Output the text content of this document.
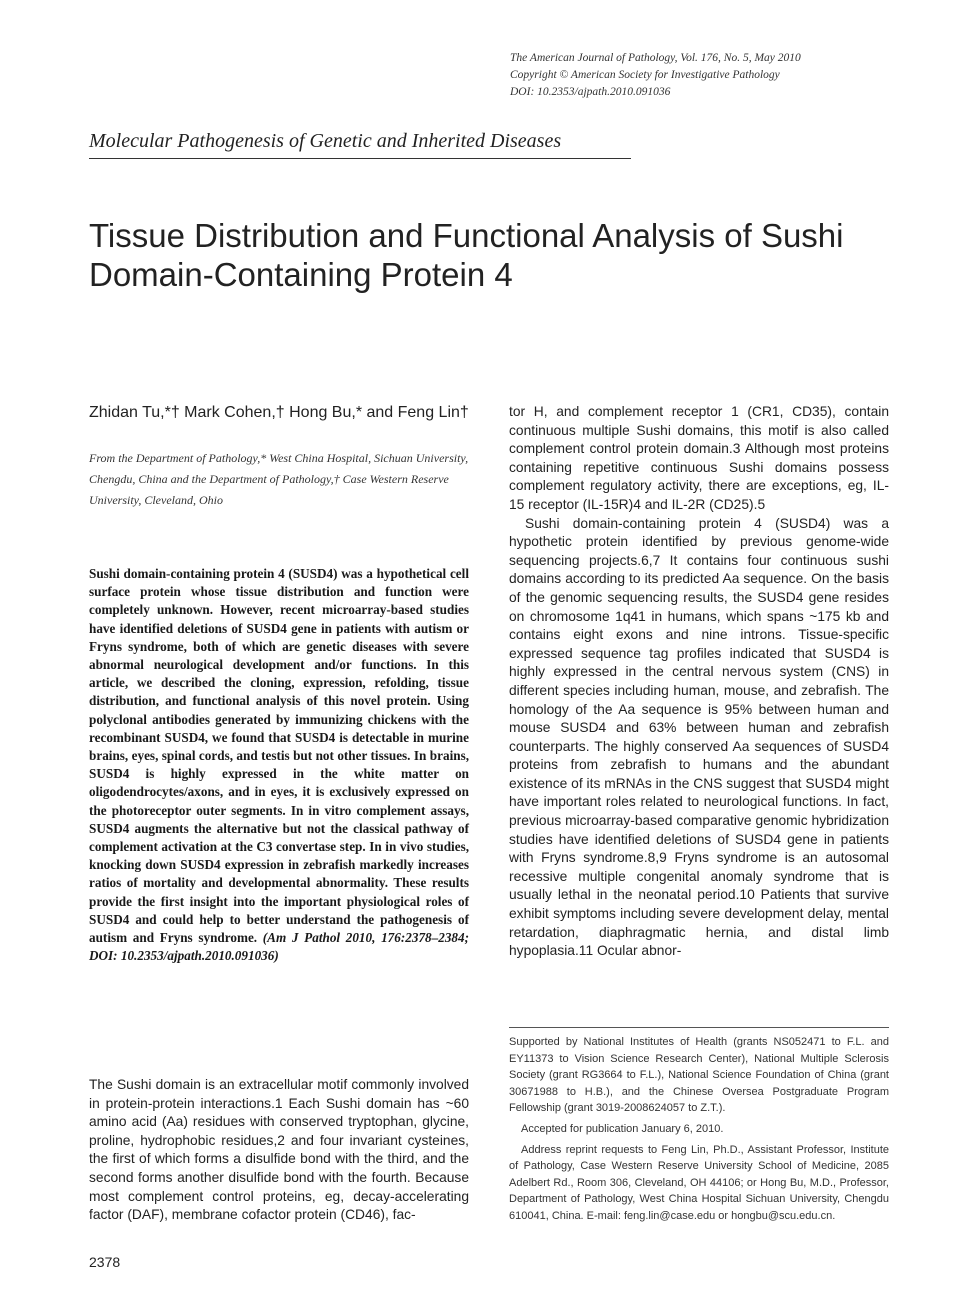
The American Journal of Pathology, Vol. 176, No. 5, May 2010
Copyright © American Society for Investigative Pathology
DOI: 10.2353/ajpath.2010.091036
Molecular Pathogenesis of Genetic and Inherited Diseases
Tissue Distribution and Functional Analysis of Sushi Domain-Containing Protein 4
Zhidan Tu,*† Mark Cohen,† Hong Bu,* and Feng Lin†
From the Department of Pathology,* West China Hospital, Sichuan University, Chengdu, China and the Department of Pathology,† Case Western Reserve University, Cleveland, Ohio
Sushi domain-containing protein 4 (SUSD4) was a hypothetical cell surface protein whose tissue distribution and function were completely unknown. However, recent microarray-based studies have identified deletions of SUSD4 gene in patients with autism or Fryns syndrome, both of which are genetic diseases with severe abnormal neurological development and/or functions. In this article, we described the cloning, expression, refolding, tissue distribution, and functional analysis of this novel protein. Using polyclonal antibodies generated by immunizing chickens with the recombinant SUSD4, we found that SUSD4 is detectable in murine brains, eyes, spinal cords, and testis but not other tissues. In brains, SUSD4 is highly expressed in the white matter on oligodendrocytes/axons, and in eyes, it is exclusively expressed on the photoreceptor outer segments. In in vitro complement assays, SUSD4 augments the alternative but not the classical pathway of complement activation at the C3 convertase step. In in vivo studies, knocking down SUSD4 expression in zebrafish markedly increases ratios of mortality and developmental abnormality. These results provide the first insight into the important physiological roles of SUSD4 and could help to better understand the pathogenesis of autism and Fryns syndrome. (Am J Pathol 2010, 176:2378–2384; DOI: 10.2353/ajpath.2010.091036)

The Sushi domain is an extracellular motif commonly involved in protein-protein interactions.1 Each Sushi domain has ~60 amino acid (Aa) residues with conserved tryptophan, glycine, proline, hydrophobic residues,2 and four invariant cysteines, the first of which forms a disulfide bond with the third, and the second forms another disulfide bond with the fourth. Because most complement control proteins, eg, decay-accelerating factor (DAF), membrane cofactor protein (CD46), fac-

tor H, and complement receptor 1 (CR1, CD35), contain continuous multiple Sushi domains, this motif is also called complement control protein domain.3 Although most proteins containing repetitive continuous Sushi domains possess complement regulatory activity, there are exceptions, eg, IL-15 receptor (IL-15R)4 and IL-2R (CD25).5

Sushi domain-containing protein 4 (SUSD4) was a hypothetic protein identified by previous genome-wide sequencing projects.6,7 It contains four continuous sushi domains according to its predicted Aa sequence. On the basis of the genomic sequencing results, the SUSD4 gene resides on chromosome 1q41 in humans, which spans ~175 kb and contains eight exons and nine introns. Tissue-specific expressed sequence tag profiles indicated that SUSD4 is highly expressed in the central nervous system (CNS) in different species including human, mouse, and zebrafish. The homology of the Aa sequence is 95% between human and mouse SUSD4 and 63% between human and zebrafish counterparts. The highly conserved Aa sequences of SUSD4 proteins from zebrafish to humans and the abundant existence of its mRNAs in the CNS suggest that SUSD4 might have important roles related to neurological functions. In fact, previous microarray-based comparative genomic hybridization studies have identified deletions of SUSD4 gene in patients with Fryns syndrome.8,9 Fryns syndrome is an autosomal recessive multiple congenital anomaly syndrome that is usually lethal in the neonatal period.10 Patients that survive exhibit symptoms including severe development delay, mental retardation, diaphragmatic hernia, and distal limb hypoplasia.11 Ocular abnor-

Supported by National Institutes of Health (grants NS052471 to F.L. and EY11373 to Vision Science Research Center), National Multiple Sclerosis Society (grant RG3664 to F.L.), National Science Foundation of China (grant 30671988 to H.B.), and the Chinese Oversea Postgraduate Program Fellowship (grant 3019-2008624057 to Z.T.).

Accepted for publication January 6, 2010.

Address reprint requests to Feng Lin, Ph.D., Assistant Professor, Institute of Pathology, Case Western Reserve University School of Medicine, 2085 Adelbert Rd., Room 306, Cleveland, OH 44106; or Hong Bu, M.D., Professor, Department of Pathology, West China Hospital Sichuan University, Chengdu 610041, China. E-mail: feng.lin@case.edu or hongbu@scu.edu.cn.

2378
